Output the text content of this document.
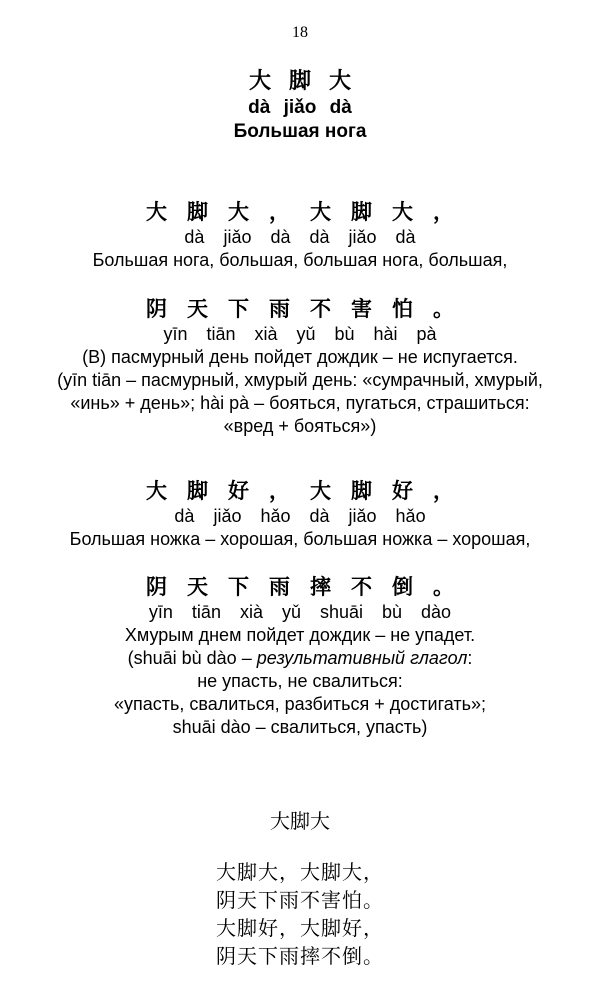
18
大脚大
dà jiǎo dà
Большая нога
大脚大，大脚大，
dà jiǎo dà dà jiǎo dà
Большая нога, большая, большая нога, большая,
阴天下雨不害怕。
yīn tiān xià yǔ bù hài pà
(В) пасмурный день пойдет дождик – не испугается.
(yīn tiān – пасмурный, хмурый день: «сумрачный, хмурый,
«инь» + день»; hài pà – бояться, пугаться, страшиться:
«вред + бояться»)
大脚好，大脚好，
dà jiǎo hǎo dà jiǎo hǎo
Большая ножка – хорошая, большая ножка – хорошая,
阴天下雨摔不倒。
yīn tiān xià yǔ shuāi bù dào
Хмурым днем пойдет дождик – не упадет.
(shuāi bù dào – результативный глагол:
не упасть, не свалиться:
«упасть, свалиться, разбиться + достигать»;
shuāi dào – свалиться, упасть)
大脚大
大脚大，大脚大，
阴天下雨不害怕。
大脚好，大脚好，
阴天下雨摔不倒。
